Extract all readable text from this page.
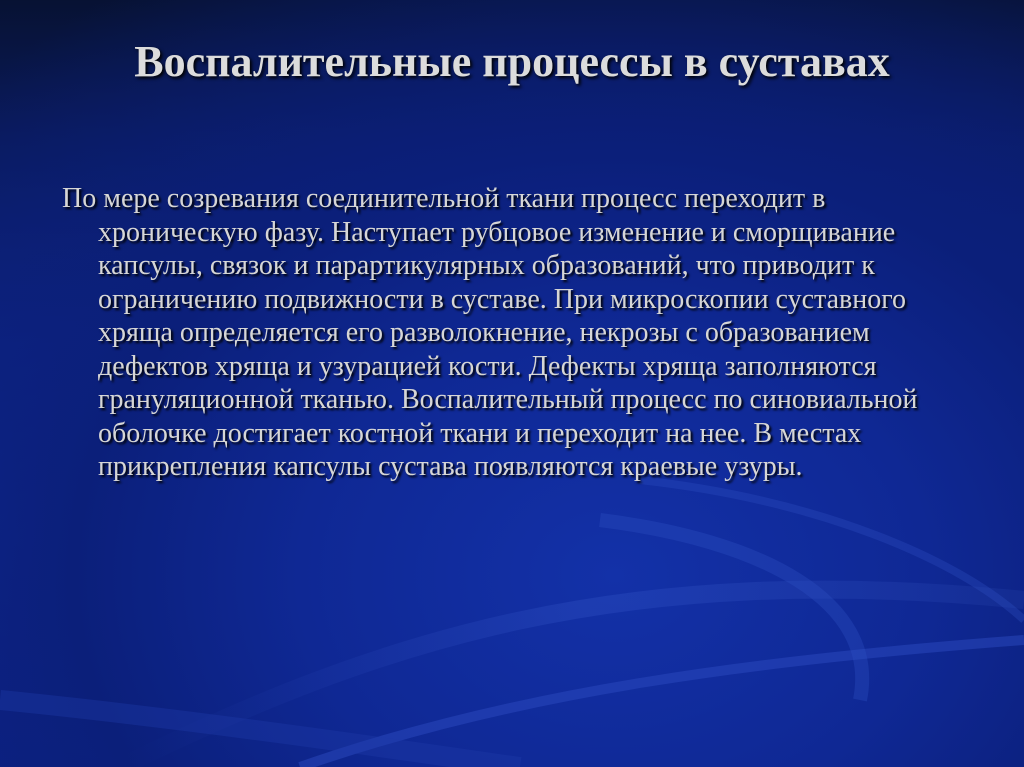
Воспалительные процессы в суставах

По мере созревания соединительной ткани процесс переходит в хроническую фазу. Наступает рубцовое изменение и сморщивание капсулы, связок и парартикулярных образований, что приводит к ограничению подвижности в суставе. При микроскопии суставного хряща определяется его разволокнение, некрозы с образованием дефектов хряща и узурацией кости. Дефекты хряща заполняются грануляционной тканью. Воспалительный процесс по синовиальной оболочке достигает костной ткани и переходит на нее. В местах прикрепления капсулы сустава появляются краевые узуры.
